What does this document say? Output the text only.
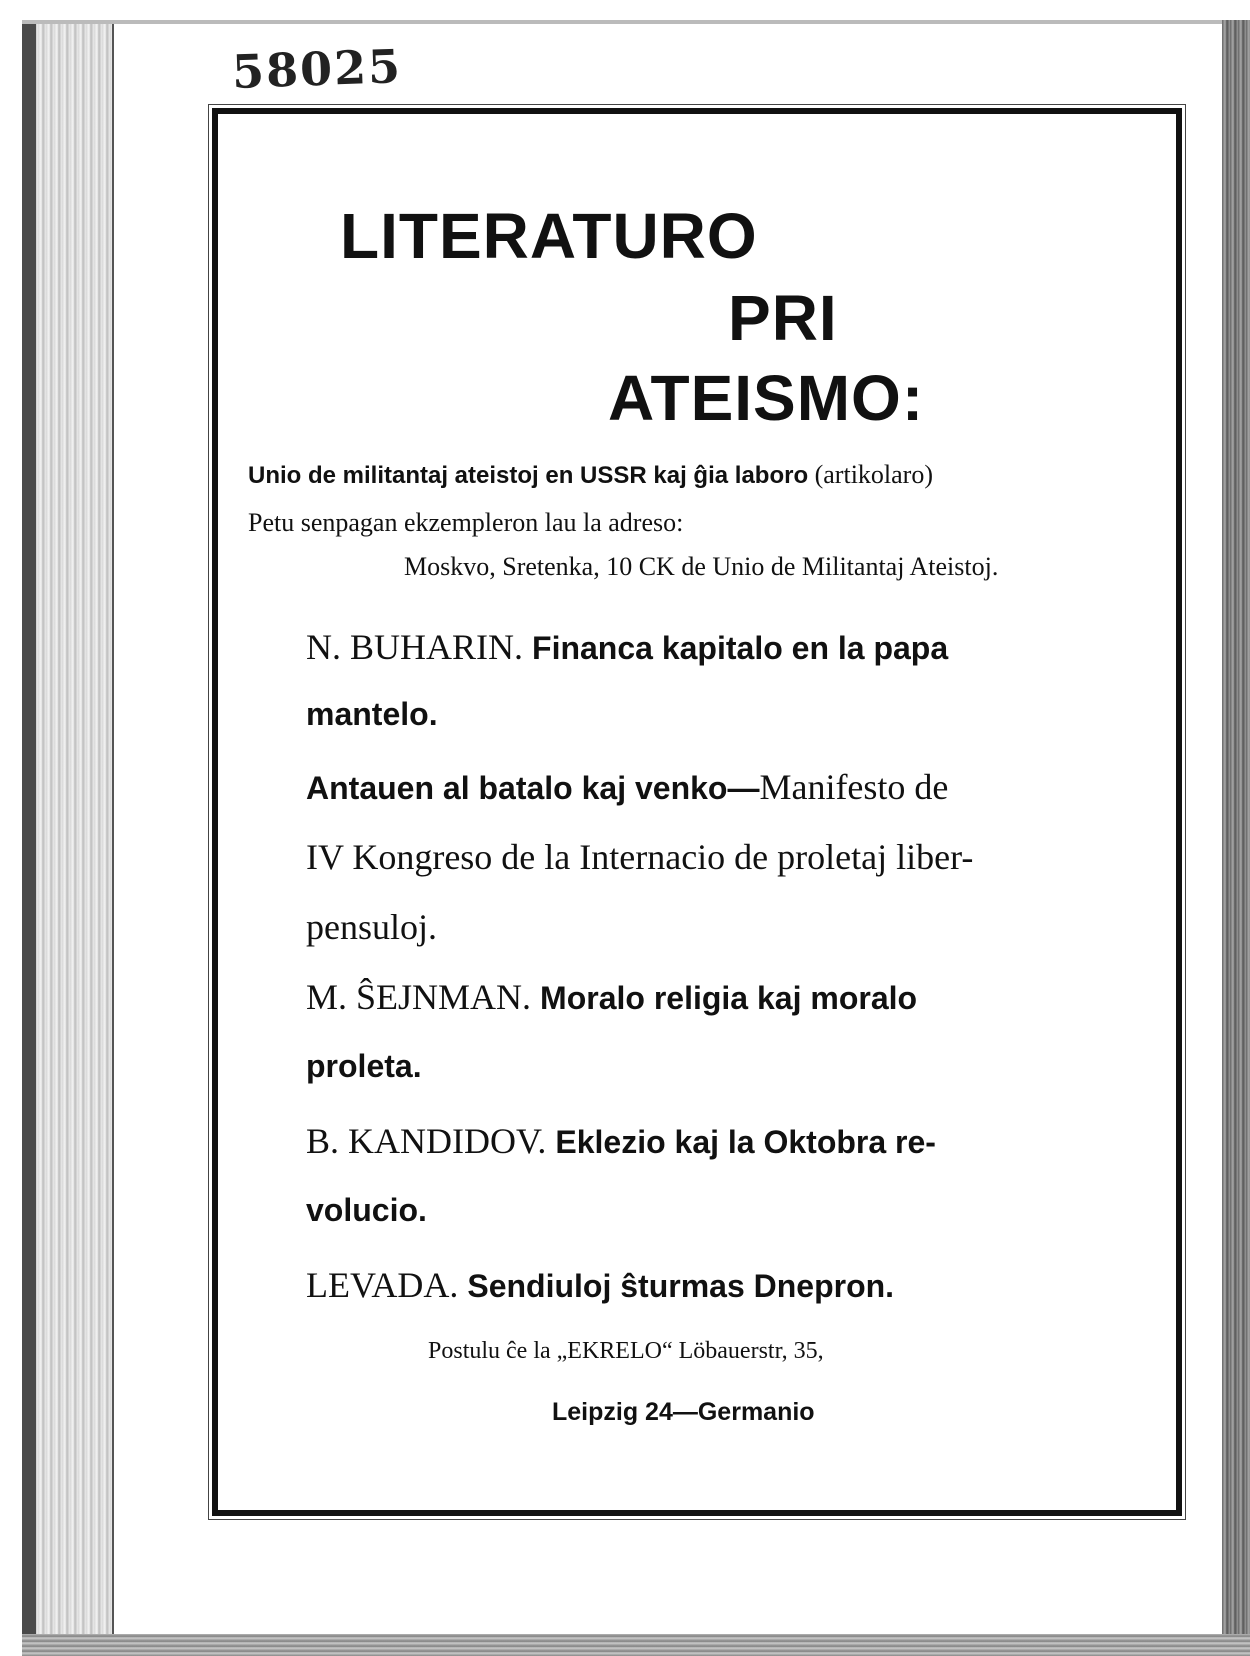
58025
LITERATURO
PRI
ATEISMO:
Unio de militantaj ateistoj en USSR kaj ĝia laboro (artikolaro)
Petu senpagan ekzempleron lau la adreso:
Moskvo, Sretenka, 10 CK de Unio de Militantaj Ateistoj.
N. BUHARIN. Financa kapitalo en la papa
mantelo.
Antauen al batalo kaj venko—Manifesto de
IV Kongreso de la Internacio de proletaj liber-
pensuloj.
M. ŜEJNMAN. Moralo religia kaj moralo
proleta.
B. KANDIDOV. Eklezio kaj la Oktobra re-
volucio.
LEVADA. Sendiuloj ŝturmas Dnepron.
Postulu ĉe la „EKRELO“ Löbauerstr, 35,
Leipzig 24—Germanio
